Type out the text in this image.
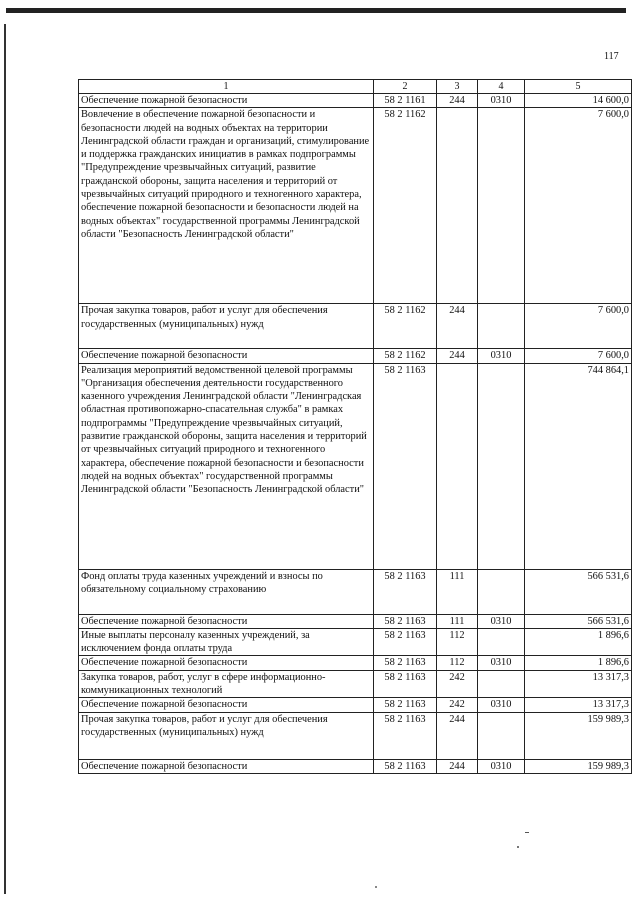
117
1	2	3	4	5
Обеспечение пожарной безопасности	58 2 1161	244	0310	14 600,0
Вовлечение в обеспечение пожарной безопасности и безопасности людей на водных объектах на территории Ленинградской области граждан и организаций, стимулирование и поддержка гражданских инициатив в рамках подпрограммы "Предупреждение чрезвычайных ситуаций, развитие гражданской обороны, защита населения и территорий от чрезвычайных ситуаций природного и техногенного характера, обеспечение пожарной безопасности и безопасности людей на водных объектах" государственной программы Ленинградской области "Безопасность Ленинградской области"	58 2 1162			7 600,0
Прочая закупка товаров, работ и услуг для обеспечения государственных (муниципальных) нужд	58 2 1162	244		7 600,0
Обеспечение пожарной безопасности	58 2 1162	244	0310	7 600,0
Реализация мероприятий ведомственной целевой программы "Организация обеспечения деятельности государственного казенного учреждения Ленинградской области "Ленинградская областная противопожарно-спасательная служба" в рамках подпрограммы "Предупреждение чрезвычайных ситуаций, развитие гражданской обороны, защита населения и территорий от чрезвычайных ситуаций природного и техногенного характера, обеспечение пожарной безопасности и безопасности людей на водных объектах" государственной программы Ленинградской области "Безопасность Ленинградской области"	58 2 1163			744 864,1
Фонд оплаты труда казенных учреждений и взносы по обязательному социальному страхованию	58 2 1163	111		566 531,6
Обеспечение пожарной безопасности	58 2 1163	111	0310	566 531,6
Иные выплаты персоналу казенных учреждений, за исключением фонда оплаты труда	58 2 1163	112		1 896,6
Обеспечение пожарной безопасности	58 2 1163	112	0310	1 896,6
Закупка товаров, работ, услуг в сфере информационно-коммуникационных технологий	58 2 1163	242		13 317,3
Обеспечение пожарной безопасности	58 2 1163	242	0310	13 317,3
Прочая закупка товаров, работ и услуг для обеспечения государственных (муниципальных) нужд	58 2 1163	244		159 989,3
Обеспечение пожарной безопасности	58 2 1163	244	0310	159 989,3
